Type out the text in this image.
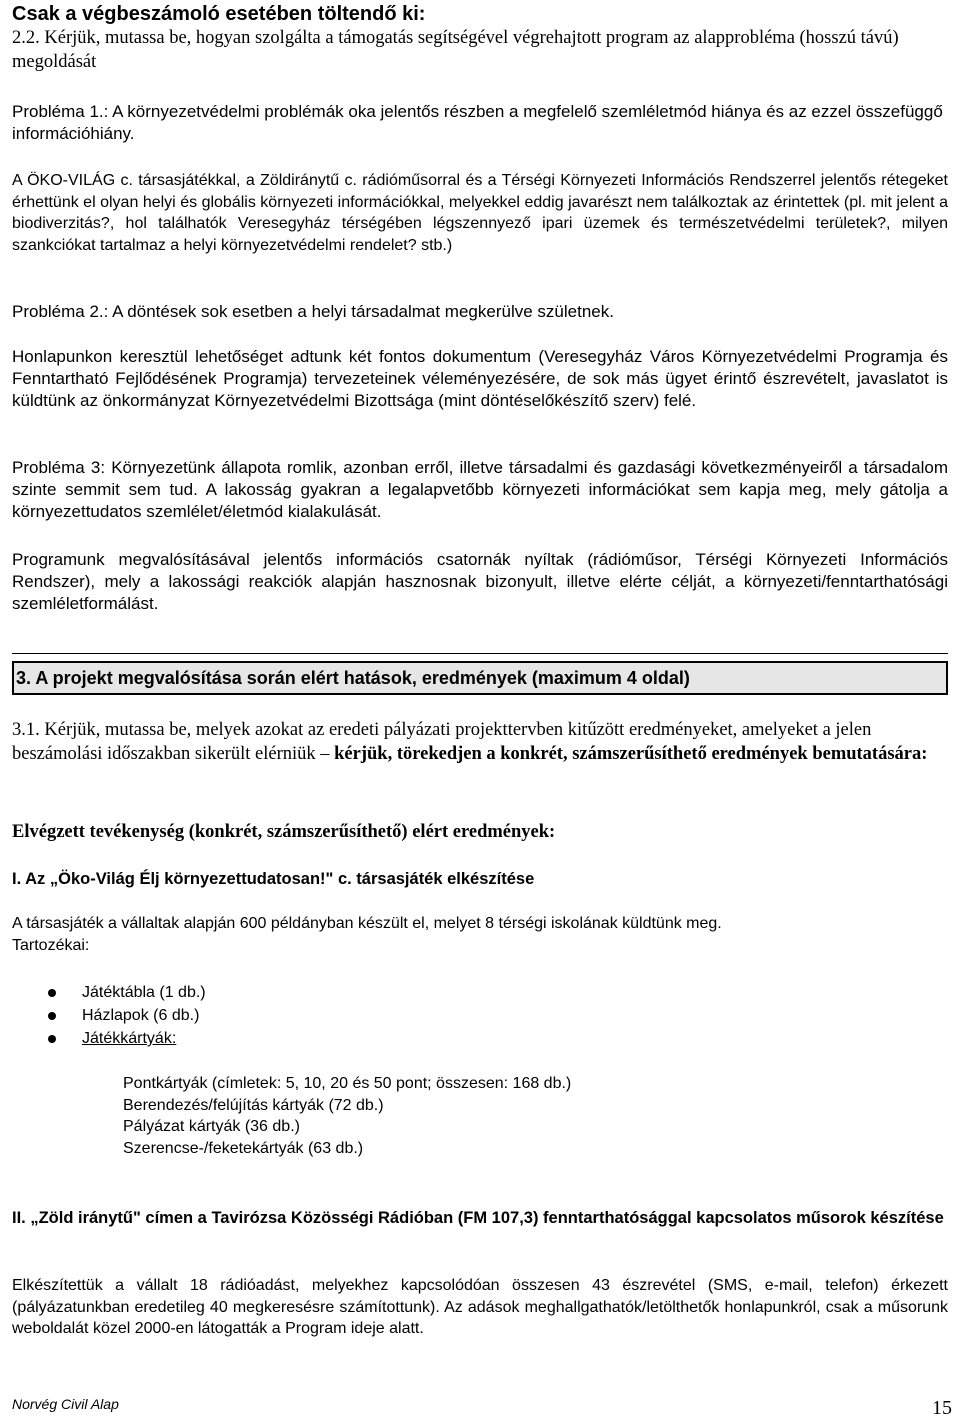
Csak a végbeszámoló esetében töltendő ki:
2.2. Kérjük, mutassa be, hogyan szolgálta a támogatás segítségével végrehajtott program az alapprobléma (hosszú távú) megoldását
Probléma 1.: A környezetvédelmi problémák oka jelentős részben a megfelelő szemléletmód hiánya és az ezzel összefüggő információhiány.
A ÖKO-VILÁG c. társasjátékkal, a Zöldiránytű c. rádióműsorral és a Térségi Környezeti Információs Rendszerrel jelentős rétegeket érhettünk el olyan helyi és globális környezeti információkkal, melyekkel eddig javarészt nem találkoztak az érintettek (pl. mit jelent a biodiverzitás?, hol találhatók Veresegyház térségében légszennyező ipari üzemek és természetvédelmi területek?, milyen szankciókat tartalmaz a helyi környezetvédelmi rendelet? stb.)
Probléma 2.: A döntések sok esetben a helyi társadalmat megkerülve születnek.
Honlapunkon keresztül lehetőséget adtunk két fontos dokumentum (Veresegyház Város Környezetvédelmi Programja és Fenntartható Fejlődésének Programja) tervezeteinek véleményezésére, de sok más ügyet érintő észrevételt, javaslatot is küldtünk az önkormányzat Környezetvédelmi Bizottsága (mint döntéselőkészítő szerv) felé.
Probléma 3: Környezetünk állapota romlik, azonban erről, illetve társadalmi és gazdasági következményeiről a társadalom szinte semmit sem tud. A lakosság gyakran a legalapvetőbb környezeti információkat sem kapja meg, mely gátolja a környezettudatos szemlélet/életmód kialakulását.
Programunk megvalósításával jelentős információs csatornák nyíltak (rádióműsor, Térségi Környezeti Információs Rendszer), mely a lakossági reakciók alapján hasznosnak bizonyult, illetve elérte célját, a környezeti/fenntarthatósági szemléletformálást.
3. A projekt megvalósítása során elért hatások, eredmények (maximum 4 oldal)
3.1. Kérjük, mutassa be, melyek azokat az eredeti pályázati projekttervben kitűzött eredményeket, amelyeket a jelen beszámolási időszakban sikerült elérniük – kérjük, törekedjen a konkrét, számszerűsíthető eredmények bemutatására:
Elvégzett tevékenység (konkrét, számszerűsíthető) elért eredmények:
I. Az „Öko-Világ Élj környezettudatosan!" c. társasjáték elkészítése
A társasjáték a vállaltak alapján 600 példányban készült el, melyet 8 térségi iskolának küldtünk meg.
Tartozékai:
Játéktábla (1 db.)
Házlapok (6 db.)
Játékkártyák:
Pontkártyák (címletek: 5, 10, 20 és 50 pont; összesen: 168 db.)
Berendezés/felújítás kártyák (72 db.)
Pályázat kártyák (36 db.)
Szerencse-/feketekártyák (63 db.)
II. „Zöld iránytű" címen a Tavirózsa Közösségi Rádióban (FM 107,3) fenntarthatósággal kapcsolatos műsorok készítése
Elkészítettük a vállalt 18 rádióadást, melyekhez kapcsolódóan összesen 43 észrevétel (SMS, e-mail, telefon) érkezett (pályázatunkban eredetileg 40 megkeresésre számítottunk). Az adások meghallgathatók/letölthetők honlapunkról, csak a műsorunk weboldalát közel 2000-en látogatták a Program ideje alatt.
Norvég Civil Alap	15
